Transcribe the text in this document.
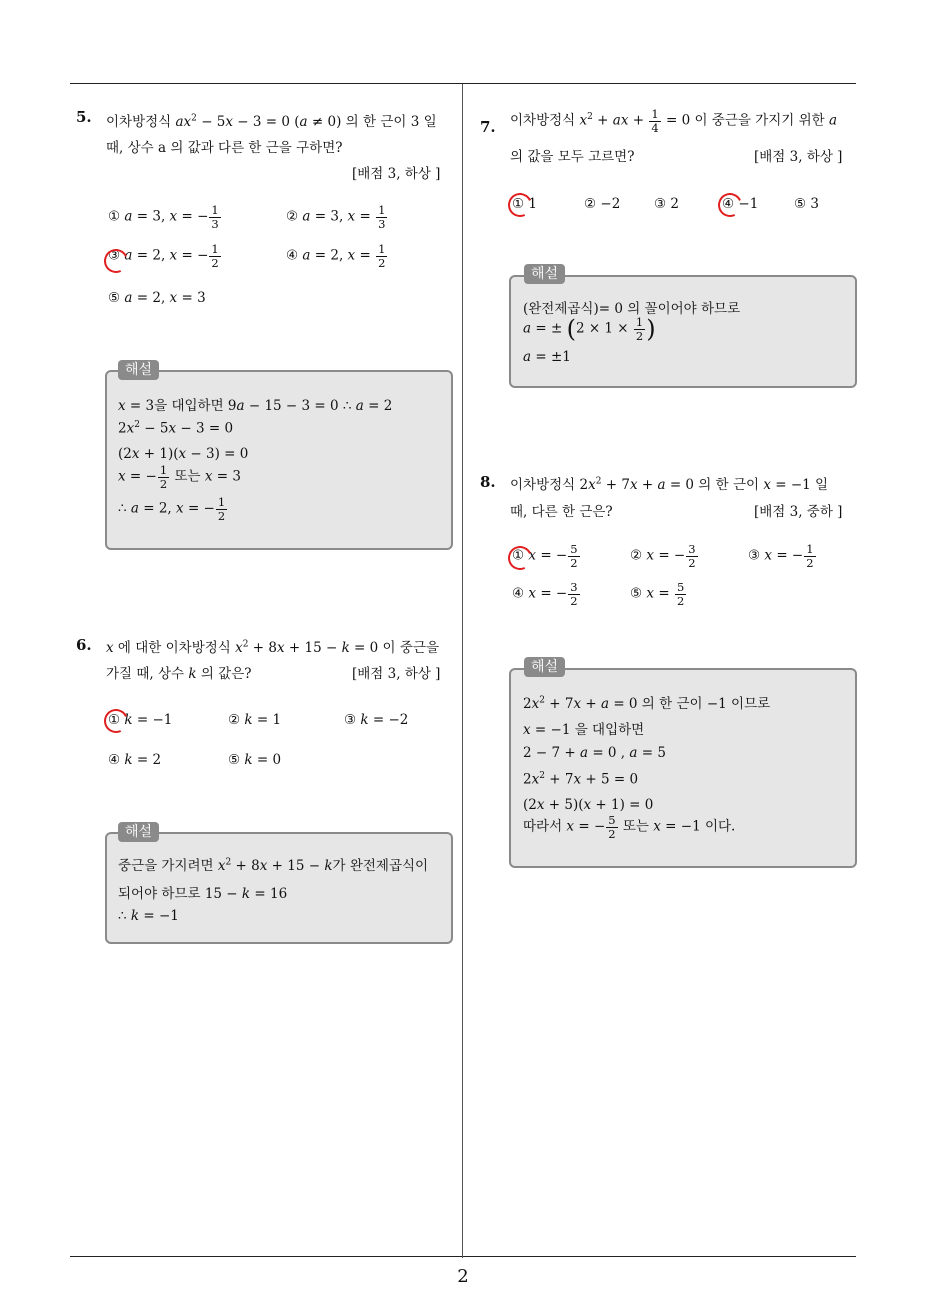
5. 이차방정식 $ax^2 - 5x - 3 = 0$ (a ≠ 0) 의 한 근이 3 일
때, 상수 a 의 값과 다른 한 근을 구하면?
[배점 3, 하상 ]
① a = 3, x = − $\frac{1}{3}$	② a = 3, $x = \frac{1}{3}$
③ a = 2, x = − $\frac{1}{2}$	④ a = 2, $x = \frac{1}{2}$
⑤ a = 2, x = 3
x = 3을 대입하면 9a − 15 − 3 = 0 ∴ a = 2
$2x^2 - 5x - 3 = 0$
(2x + 1)(x − 3) = 0
x = − $\frac{1}{2}$ 또는 x = 3
∴ a = 2, x = − $\frac{1}{2}$
해설
6. x 에 대한 이차방정식 $x^2 + 8x + 15 - k = 0$ 이 중근을
가질 때, 상수 k 의 값은?	[배점 3, 하상 ]
① k = −1	② k = 1	③ k = −2
④ k = 2	⑤ k = 0
중근을 가지려면 $x^2 + 8x + 15 - k$가 완전제곱식이
되어야 하므로 15 − k = 16
∴ k = −1
해설
7. 이차방정식 $x^2$ + ax + $\frac{1}{4} = 0$ 이 중근을 가지기 위한 a
의 값을 모두 고르면?	[배점 3, 하상 ]
① 1	② −2 ③ 2	④ −1	⑤ 3
(완전제곱식)= 0 의 꼴이어야 하므로
a = ± ($2 \times 1 \times \frac{1}{2}$ )
a = ±1
해설
8. 이차방정식 $2x^2 + 7x + a = 0$ 의 한 근이 x = −1 일
때, 다른 한 근은?	[배점 3, 중하 ]
① x = − $\frac{5}{2}$	② x = − $\frac{3}{2}$	③ x = − $\frac{1}{2}$
④ x = − $\frac{3}{2}$	⑤ $x = \frac{5}{2}$
$2x^2 + 7x + a = 0$ 의 한 근이 −1 이므로
x = −1 을 대입하면
2 − 7 + a = 0 , a = 5
$2x^2 + 7x + 5 = 0$
(2x + 5)(x + 1) = 0
따라서 x = − $\frac{5}{2}$ 또는 x = −1 이다.
해설
2
